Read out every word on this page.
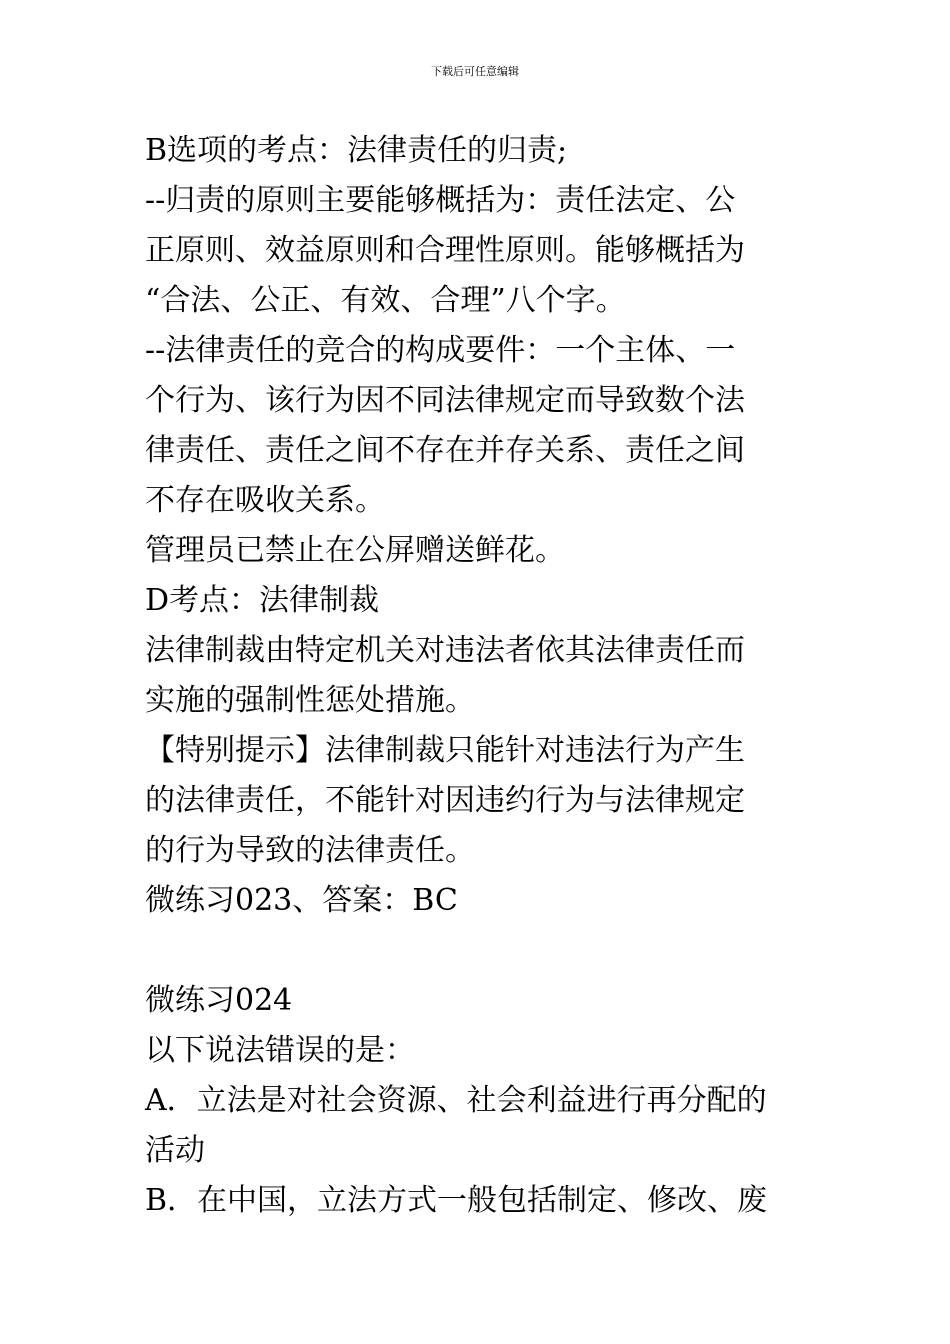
下载后可任意编辑

B选项的考点：法律责任的归责;

--归责的原则主要能够概括为：责任法定、公

正原则、效益原则和合理性原则。能够概括为

“合法、公正、有效、合理”八个字。

--法律责任的竞合的构成要件：一个主体、一

个行为、该行为因不同法律规定而导致数个法

律责任、责任之间不存在并存关系、责任之间

不存在吸收关系。

管理员已禁止在公屏赠送鲜花。

D考点：法律制裁

法律制裁由特定机关对违法者依其法律责任而

实施的强制性惩处措施。

【特别提示】法律制裁只能针对违法行为产生

的法律责任，不能针对因违约行为与法律规定

的行为导致的法律责任。

微练习023、答案：BC

微练习024

以下说法错误的是：

A．立法是对社会资源、社会利益进行再分配的

活动

B．在中国，立法方式一般包括制定、修改、废
